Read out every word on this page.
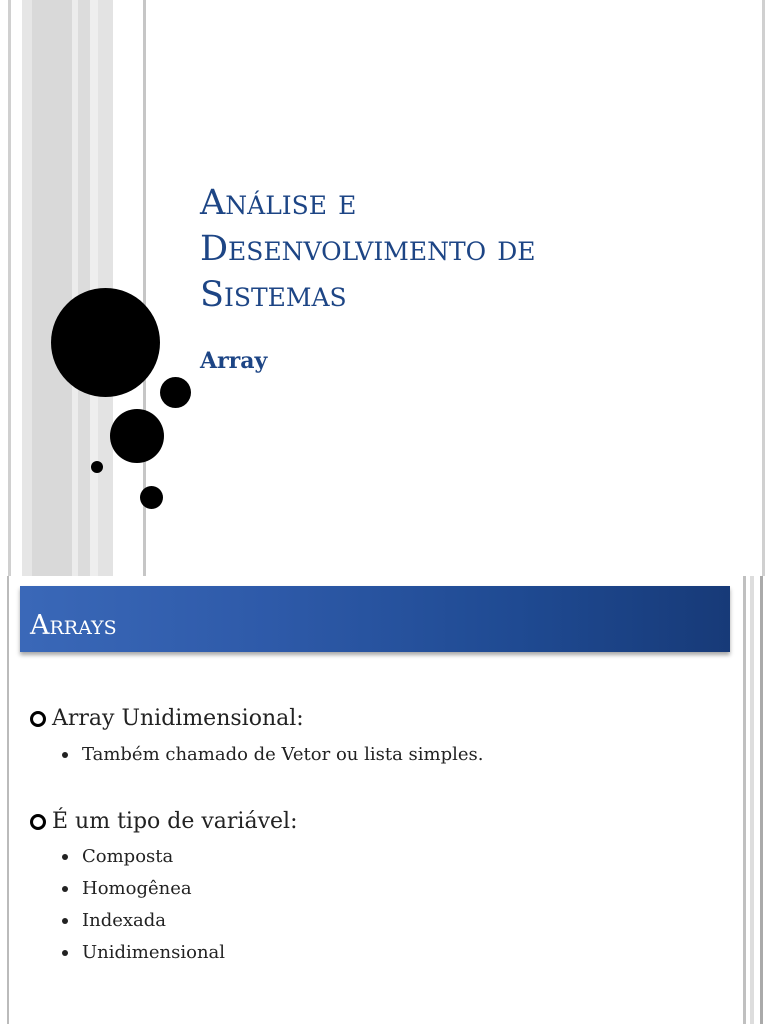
Análise e
Desenvolvimento de
Sistemas
Array
Arrays
Array Unidimensional:
Também chamado de Vetor ou lista simples.
É um tipo de variável:
Composta
Homogênea
Indexada
Unidimensional
